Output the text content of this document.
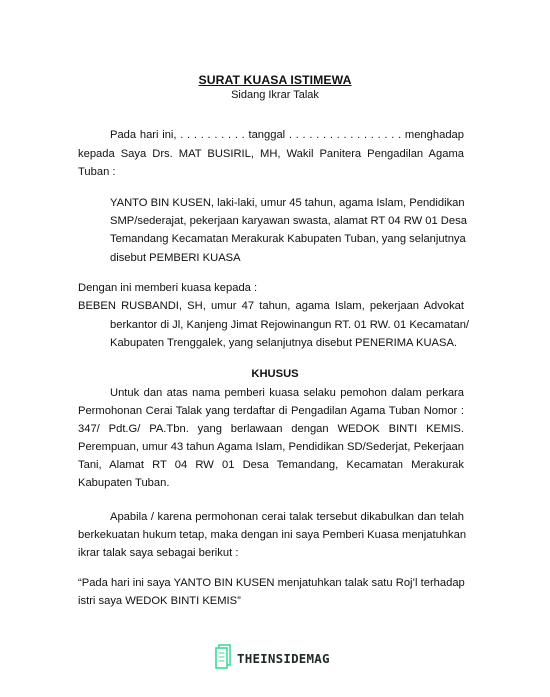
SURAT KUASA ISTIMEWA
Sidang Ikrar Talak
Pada hari ini, . . . . . . . . . . tanggal . . . . . . . . . . . . . . . . . menghadap
kepada Saya Drs. MAT BUSIRIL, MH, Wakil Panitera Pengadilan Agama
Tuban :
YANTO BIN KUSEN, laki-laki, umur 45 tahun, agama Islam, Pendidikan
SMP/sederajat, pekerjaan karyawan swasta, alamat RT 04 RW 01 Desa
Temandang Kecamatan Merakurak Kabupaten Tuban, yang selanjutnya
disebut PEMBERI KUASA
Dengan ini memberi kuasa kepada :
BEBEN RUSBANDI, SH, umur 47 tahun, agama Islam, pekerjaan Advokat
berkantor di Jl, Kanjeng Jimat Rejowinangun RT. 01 RW. 01 Kecamatan/
Kabupaten Trenggalek, yang selanjutnya disebut PENERIMA KUASA.
KHUSUS
Untuk dan atas nama pemberi kuasa selaku pemohon dalam perkara
Permohonan Cerai Talak yang terdaftar di Pengadilan Agama Tuban Nomor :
347/ Pdt.G/ PA.Tbn. yang berlawaan dengan WEDOK BINTI KEMIS.
Perempuan, umur 43 tahun Agama Islam, Pendidikan SD/Sederjat, Pekerjaan
Tani, Alamat RT 04 RW 01 Desa Temandang, Kecamatan Merakurak
Kabupaten Tuban.
Apabila / karena permohonan cerai talak tersebut dikabulkan dan telah
berkekuatan hukum tetap, maka dengan ini saya Pemberi Kuasa menjatuhkan
ikrar talak saya sebagai berikut :
“Pada hari ini saya YANTO BIN KUSEN menjatuhkan talak satu Roj’l terhadap
istri saya WEDOK BINTI KEMIS”
THEINSIDEMAG
